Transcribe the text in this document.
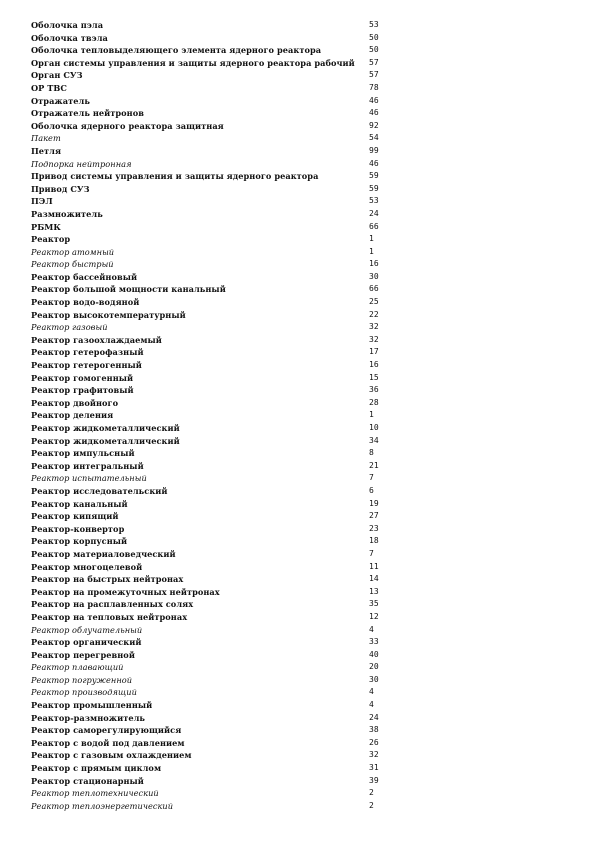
Оболочка пэла	53
Оболочка твэла	50
Оболочка тепловыделяющего элемента ядерного реактора	50
Орган системы управления и защиты ядерного реактора рабочий 57
Орган СУЗ	57
ОР ТВС	78
Отражатель	46
Отражатель нейтронов	46
Оболочка ядерного реактора защитная	92
Пакет	54
Петля	99
Подпорка нейтронная	46
Привод системы управления и защиты ядерного реактора	59
Привод СУЗ	59
ПЭЛ	53
Размножитель	24
РБМК	66
Реактор	1
Реактор атомный	1
Реактор быстрый	16
Реактор бассейновый	30
Реактор большой мощности канальный	66
Реактор водо-водяной	25
Реактор высокотемпературный	22
Реактор газовый	32
Реактор газоохлаждаемый	32
Реактор гетерофазный	17
Реактор гетерогенный	16
Реактор гомогенный	15
Реактор графитовый	36
Реактор двойного	28
Реактор деления	1
Реактор жидкометаллический	10
Реактор жидкометаллический	34
Реактор импульсный	8
Реактор интегральный	21
Реактор испытательный	7
Реактор исследовательский	6
Реактор канальный	19
Реактор кипящий	27
Реактор-конвертор	23
Реактор корпусный	18
Реактор материаловедческий	7
Реактор многоцелевой	11
Реактор на быстрых нейтронах	14
Реактор на промежуточных нейтронах	13
Реактор на расплавленных солях	35
Реактор на тепловых нейтронах	12
Реактор облучательный	4
Реактор органический	33
Реактор перегревной	40
Реактор плавающий	20
Реактор погруженной	30
Реактор производящий	4
Реактор промышленный	4
Реактор-размножитель	24
Реактор саморегулирующийся	38
Реактор с водой под давлением	26
Реактор с газовым охлаждением	32
Реактор с прямым циклом	31
Реактор стационарный	39
Реактор теплотехнический	2
Реактор теплоэнергетический	2
